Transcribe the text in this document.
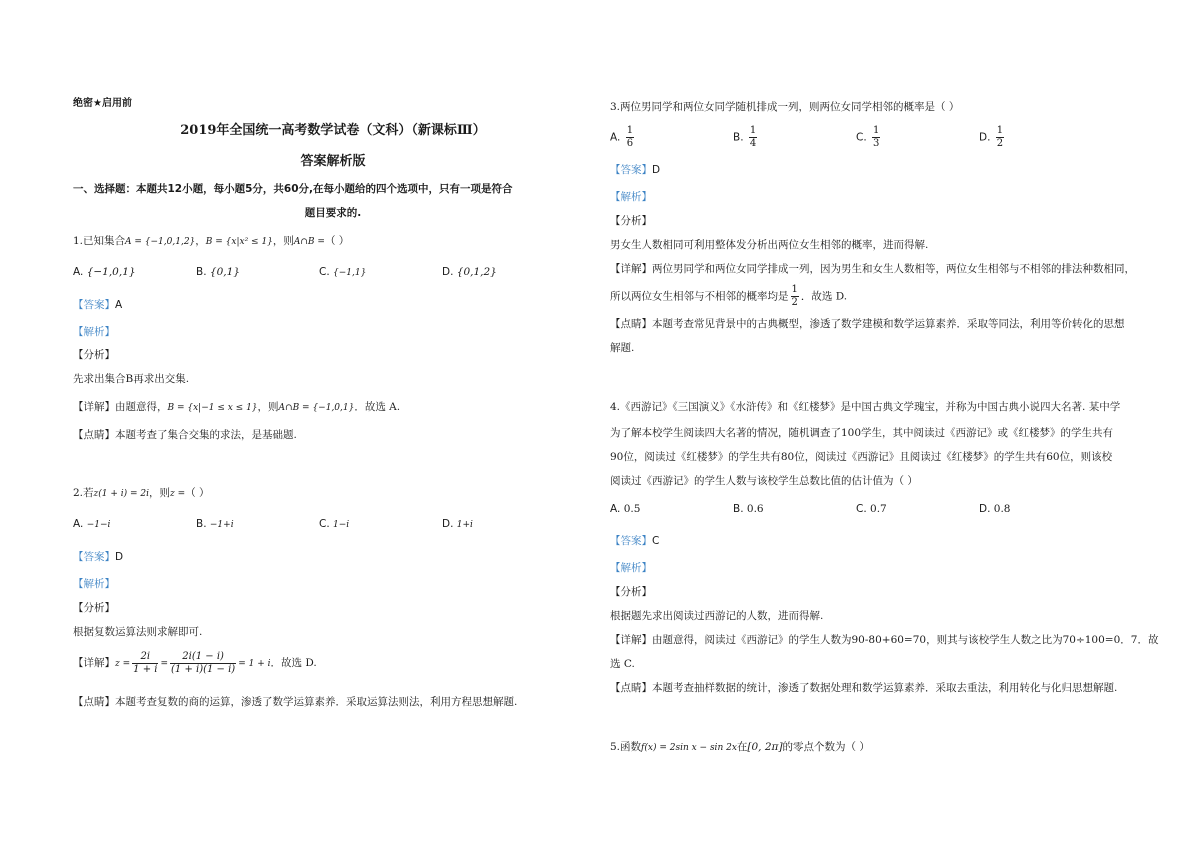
绝密★启用前
2019年全国统一高考数学试卷（文科）（新课标Ⅲ）
答案解析版
一、选择题：本题共12小题，每小题5分，共60分,在每小题给的四个选项中，只有一项是符合
题目要求的.
1.已知集合A = {−1,0,1,2}，B = {x|x² ≤ 1}，则A∩B =（ ）
A. {−1,0,1}	B. {0,1}	C. {−1,1}	D. {0,1,2}
【答案】A
【解析】
【分析】
先求出集合B再求出交集.
【详解】由题意得，B = {x|−1 ≤ x ≤ 1}，则A∩B = {−1,0,1}．故选 A.
【点睛】本题考查了集合交集的求法，是基础题.
2.若z(1 + i) = 2i，则z =（ ）
A. −1−i	B. −1+i	C. 1−i	D. 1+i
【答案】D
【解析】
【分析】
根据复数运算法则求解即可.
【详解】$z = \frac{2i}{1 + i} = \frac{2i(1 - i)}{(1 + i)(1 - i)} = 1 + i$．故选 D.
【点睛】本题考查复数的商的运算，渗透了数学运算素养．采取运算法则法，利用方程思想解题.
3.两位男同学和两位女同学随机排成一列，则两位女同学相邻的概率是（ ）
A. $\frac{1}{6}$	B. $\frac{1}{4}$	C. $\frac{1}{3}$	D. $\frac{1}{2}$
【答案】D
【解析】
【分析】
男女生人数相同可利用整体发分析出两位女生相邻的概率，进而得解.
【详解】两位男同学和两位女同学排成一列，因为男生和女生人数相等，两位女生相邻与不相邻的排法种数相同，
所以两位女生相邻与不相邻的概率均是 $\frac{1}{2}$ ．故选 D.
【点睛】本题考查常见背景中的古典概型，渗透了数学建模和数学运算素养．采取等同法，利用等价转化的思想
解题.
4.《西游记》《三国演义》《水浒传》和《红楼梦》是中国古典文学瑰宝，并称为中国古典小说四大名著. 某中学
为了解本校学生阅读四大名著的情况，随机调查了100学生，其中阅读过《西游记》或《红楼梦》的学生共有
90位，阅读过《红楼梦》的学生共有80位，阅读过《西游记》且阅读过《红楼梦》的学生共有60位，则该校
阅读过《西游记》的学生人数与该校学生总数比值的估计值为（ ）
A. 0.5	B. 0.6	C. 0.7	D. 0.8
【答案】C
【解析】
【分析】
根据题先求出阅读过西游记的人数，进而得解.
【详解】由题意得，阅读过《西游记》的学生人数为90-80+60=70，则其与该校学生人数之比为70÷100=0．7．故
选 C.
【点睛】本题考查抽样数据的统计，渗透了数据处理和数学运算素养．采取去重法，利用转化与化归思想解题.
5.函数f(x) = 2sin x − sin 2x在[0, 2π]的零点个数为（ ）
